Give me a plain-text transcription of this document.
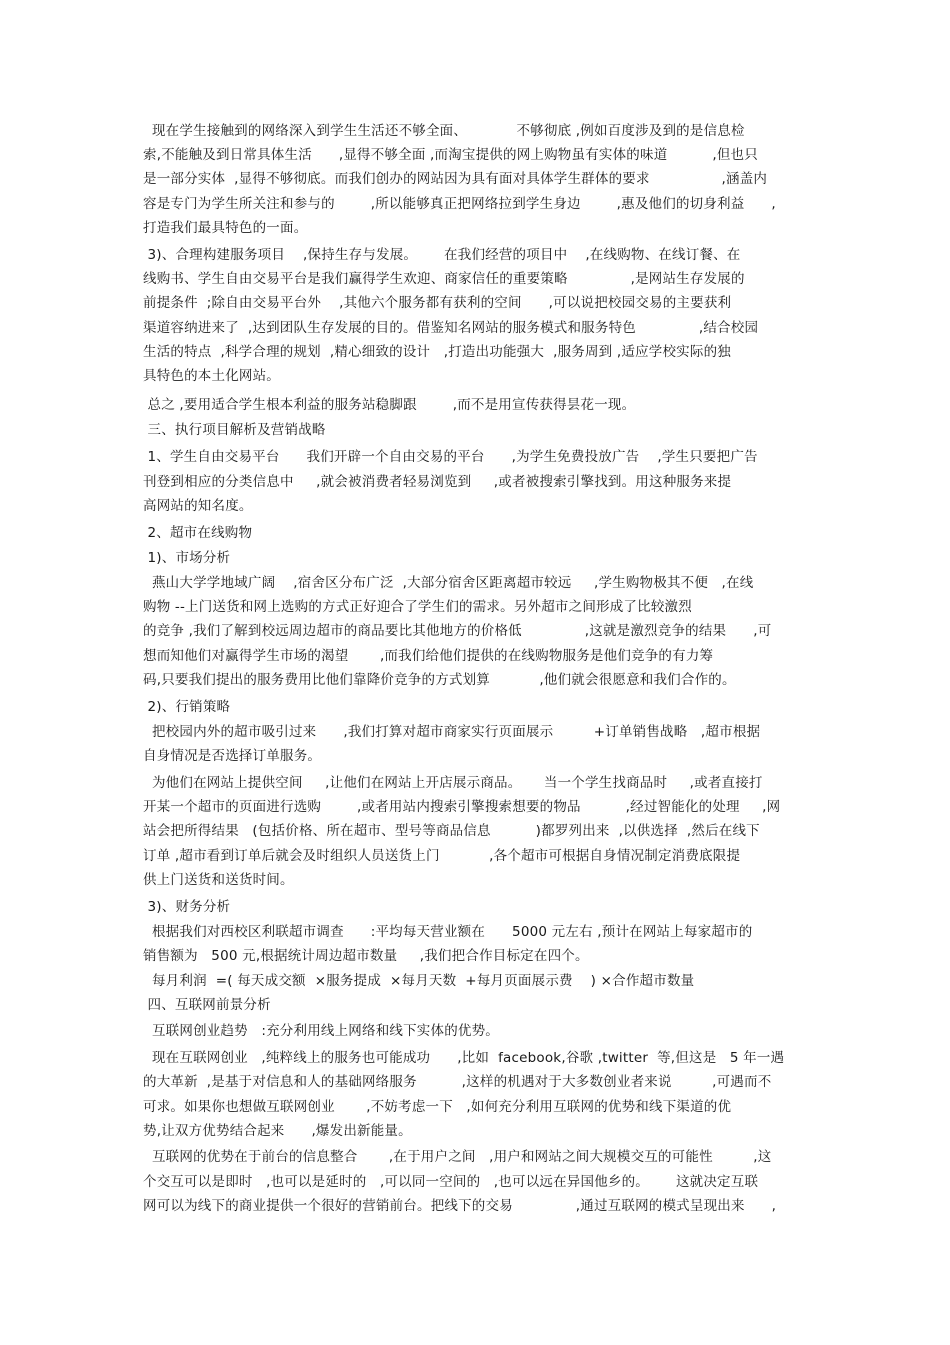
现在学生接触到的网络深入到学生生活还不够全面、           不够彻底 ,例如百度涉及到的是信息检
索,不能触及到日常具体生活      ,显得不够全面 ,而淘宝提供的网上购物虽有实体的味道          ,但也只
是一部分实体  ,显得不够彻底。而我们创办的网站因为具有面对具体学生群体的要求                ,涵盖内
容是专门为学生所关注和参与的        ,所以能够真正把网络拉到学生身边        ,惠及他们的切身利益      ,
打造我们最具特色的一面。
3)、合理构建服务项目    ,保持生存与发展。      在我们经营的项目中    ,在线购物、在线订餐、在
线购书、学生自由交易平台是我们赢得学生欢迎、商家信任的重要策略              ,是网站生存发展的
前提条件  ;除自由交易平台外    ,其他六个服务都有获利的空间      ,可以说把校园交易的主要获利
渠道容纳进来了  ,达到团队生存发展的目的。借鉴知名网站的服务模式和服务特色              ,结合校园
生活的特点  ,科学合理的规划  ,精心细致的设计   ,打造出功能强大  ,服务周到 ,适应学校实际的独
具特色的本土化网站。
总之 ,要用适合学生根本利益的服务站稳脚跟        ,而不是用宣传获得昙花一现。
三、执行项目解析及营销战略
1、学生自由交易平台      我们开辟一个自由交易的平台      ,为学生免费投放广告    ,学生只要把广告
刊登到相应的分类信息中     ,就会被消费者轻易浏览到     ,或者被搜索引擎找到。用这种服务来提
高网站的知名度。
2、超市在线购物
1)、市场分析
燕山大学学地域广阔    ,宿舍区分布广泛  ,大部分宿舍区距离超市较远     ,学生购物极其不便   ,在线
购物 --上门送货和网上选购的方式正好迎合了学生们的需求。另外超市之间形成了比较激烈
的竞争 ,我们了解到校远周边超市的商品要比其他地方的价格低              ,这就是激烈竞争的结果      ,可
想而知他们对赢得学生市场的渴望       ,而我们给他们提供的在线购物服务是他们竞争的有力筹
码,只要我们提出的服务费用比他们靠降价竞争的方式划算           ,他们就会很愿意和我们合作的。
2)、行销策略
把校园内外的超市吸引过来      ,我们打算对超市商家实行页面展示         +订单销售战略   ,超市根据
自身情况是否选择订单服务。
为他们在网站上提供空间     ,让他们在网站上开店展示商品。     当一个学生找商品时     ,或者直接打
开某一个超市的页面进行选购        ,或者用站内搜索引擎搜索想要的物品          ,经过智能化的处理     ,网
站会把所得结果   (包括价格、所在超市、型号等商品信息          )都罗列出来  ,以供选择  ,然后在线下
订单 ,超市看到订单后就会及时组织人员送货上门           ,各个超市可根据自身情况制定消费底限提
供上门送货和送货时间。
3)、财务分析
根据我们对西校区利联超市调查      :平均每天营业额在      5000 元左右 ,预计在网站上每家超市的
销售额为   500 元,根据统计周边超市数量     ,我们把合作目标定在四个。
每月利润  =( 每天成交额  ×服务提成  ×每月天数  +每月页面展示费    ) ×合作超市数量
四、互联网前景分析
互联网创业趋势   :充分利用线上网络和线下实体的优势。
现在互联网创业   ,纯粹线上的服务也可能成功      ,比如  facebook,谷歌 ,twitter  等,但这是   5 年一遇
的大革新  ,是基于对信息和人的基础网络服务          ,这样的机遇对于大多数创业者来说         ,可遇而不
可求。如果你也想做互联网创业       ,不妨考虑一下   ,如何充分利用互联网的优势和线下渠道的优
势,让双方优势结合起来      ,爆发出新能量。
互联网的优势在于前台的信息整合       ,在于用户之间   ,用户和网站之间大规模交互的可能性         ,这
个交互可以是即时   ,也可以是延时的   ,可以同一空间的   ,也可以远在异国他乡的。      这就决定互联
网可以为线下的商业提供一个很好的营销前台。把线下的交易              ,通过互联网的模式呈现出来      ,
